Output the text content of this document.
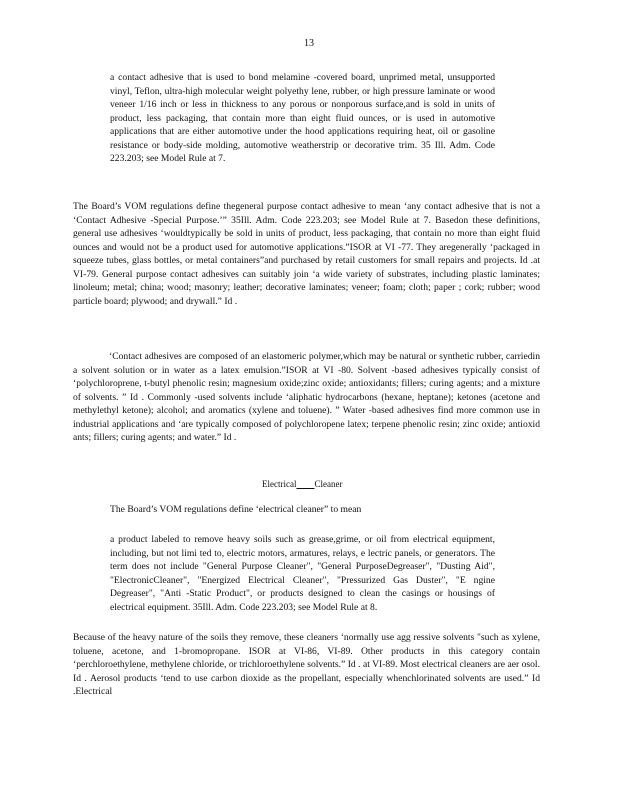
13

a contact adhesive that is used to bond melamine -covered board, unprimed metal, unsupported vinyl, Teflon, ultra-high molecular weight polyethy lene, rubber, or high pressure laminate or wood veneer 1/16 inch or less in thickness to any porous or nonporous surface,and is sold in units of product, less packaging, that contain more than eight fluid ounces, or is used in automotive applications that are either automotive under the hood applications requiring heat, oil or gasoline resistance or body-side molding, automotive weatherstrip or decorative trim. 35 Ill. Adm. Code 223.203; see Model Rule at 7.

The Board’s VOM regulations define thegeneral purpose contact adhesive to mean ‘any contact adhesive that is not a ‘Contact Adhesive -Special Purpose.’” 35Ill. Adm. Code 223.203; see Model Rule at 7. Basedon these definitions, general use adhesives ‘wouldtypically be sold in units of product, less packaging, that contain no more than eight fluid ounces and would not be a product used for automotive applications.”ISOR at VI -77. They aregenerally ‘packaged in squeeze tubes, glass bottles, or metal containers”and purchased by retail customers for small repairs and projects. Id .at VI-79. General purpose contact adhesives can suitably join ‘a wide variety of substrates, including plastic laminates; linoleum; metal; china; wood; masonry; leather; decorative laminates; veneer; foam; cloth; paper ; cork; rubber; wood particle board; plywood; and drywall.” Id .

‘Contact adhesives are composed of an elastomeric polymer,which may be natural or synthetic rubber, carriedin a solvent solution or in water as a latex emulsion.”ISOR at VI -80. Solvent -based adhesives typically consist of ‘polychloroprene, t-butyl phenolic resin; magnesium oxide;zinc oxide; antioxidants; fillers; curing agents; and a mixture of solvents. ” Id . Commonly -used solvents include ‘aliphatic hydrocarbons (hexane, heptane); ketones (acetone and methylethyl ketone); alcohol; and aromatics (xylene and toluene). ” Water -based adhesives find more common use in industrial applications and ‘are typically composed of polychloropene latex; terpene phenolic resin; zinc oxide; antioxid ants; fillers; curing agents; and water.” Id .

Electrical Cleaner

The Board’s VOM regulations define ‘electrical cleaner” to mean

a product labeled to remove heavy soils such as grease,grime, or oil from electrical equipment, including, but not limi ted to, electric motors, armatures, relays, e lectric panels, or generators. The term does not include "General Purpose Cleaner", "General PurposeDegreaser", "Dusting Aid", "ElectronicCleaner", "Energized Electrical Cleaner", "Pressurized Gas Duster", "E ngine Degreaser", "Anti -Static Product", or products designed to clean the casings or housings of electrical equipment. 35Ill. Adm. Code 223.203; see Model Rule at 8.

Because of the heavy nature of the soils they remove, these cleaners ‘normally use agg ressive solvents "such as xylene, toluene, acetone, and 1-bromopropane. ISOR at VI-86, VI-89. Other products in this category contain ‘perchloroethylene, methylene chloride, or trichloroethylene solvents.” Id . at VI-89. Most electrical cleaners are aer osol. Id . Aerosol products ‘tend to use carbon dioxide as the propellant, especially whenchlorinated solvents are used.” Id .Electrical
